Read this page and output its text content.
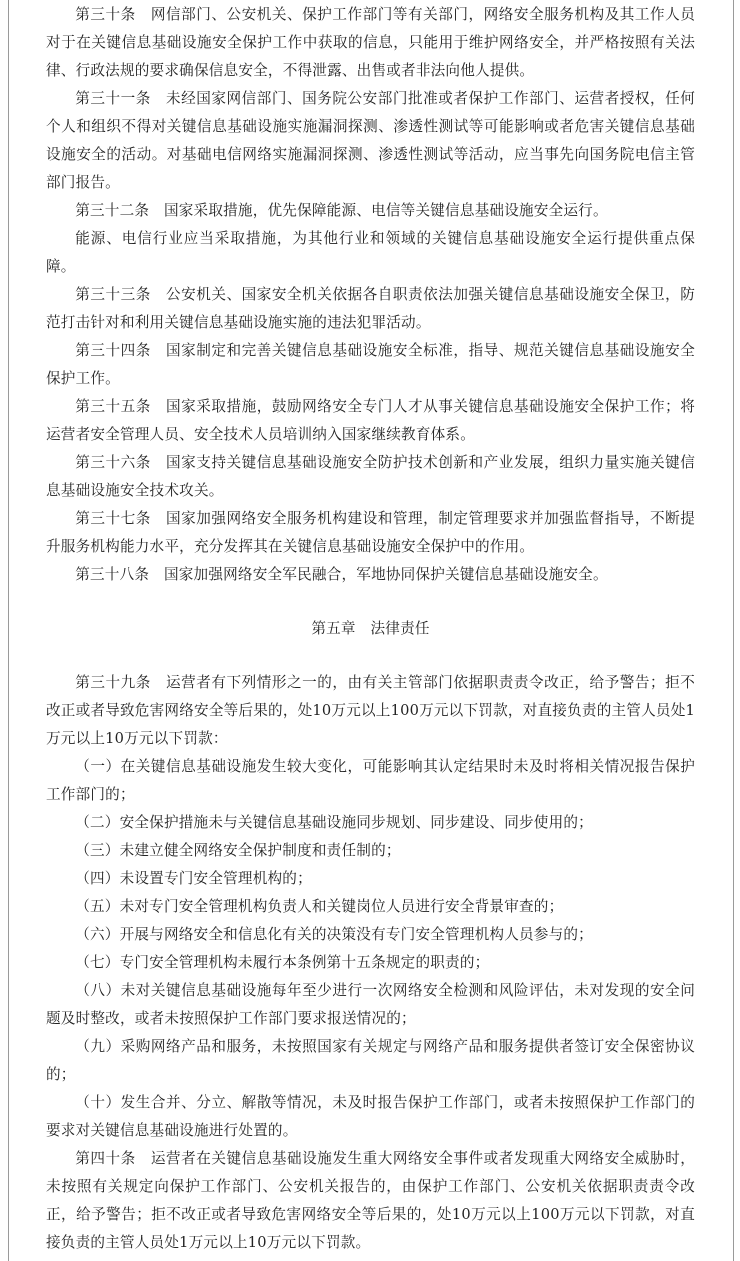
第三十条　网信部门、公安机关、保护工作部门等有关部门，网络安全服务机构及其工作人员对于在关键信息基础设施安全保护工作中获取的信息，只能用于维护网络安全，并严格按照有关法律、行政法规的要求确保信息安全，不得泄露、出售或者非法向他人提供。

第三十一条　未经国家网信部门、国务院公安部门批准或者保护工作部门、运营者授权，任何个人和组织不得对关键信息基础设施实施漏洞探测、渗透性测试等可能影响或者危害关键信息基础设施安全的活动。对基础电信网络实施漏洞探测、渗透性测试等活动，应当事先向国务院电信主管部门报告。

第三十二条　国家采取措施，优先保障能源、电信等关键信息基础设施安全运行。

能源、电信行业应当采取措施，为其他行业和领域的关键信息基础设施安全运行提供重点保障。

第三十三条　公安机关、国家安全机关依据各自职责依法加强关键信息基础设施安全保卫，防范打击针对和利用关键信息基础设施实施的违法犯罪活动。

第三十四条　国家制定和完善关键信息基础设施安全标准，指导、规范关键信息基础设施安全保护工作。

第三十五条　国家采取措施，鼓励网络安全专门人才从事关键信息基础设施安全保护工作；将运营者安全管理人员、安全技术人员培训纳入国家继续教育体系。

第三十六条　国家支持关键信息基础设施安全防护技术创新和产业发展，组织力量实施关键信息基础设施安全技术攻关。

第三十七条　国家加强网络安全服务机构建设和管理，制定管理要求并加强监督指导，不断提升服务机构能力水平，充分发挥其在关键信息基础设施安全保护中的作用。

第三十八条　国家加强网络安全军民融合，军地协同保护关键信息基础设施安全。

第五章　法律责任

第三十九条　运营者有下列情形之一的，由有关主管部门依据职责责令改正，给予警告；拒不改正或者导致危害网络安全等后果的，处10万元以上100万元以下罚款，对直接负责的主管人员处1万元以上10万元以下罚款：

（一）在关键信息基础设施发生较大变化，可能影响其认定结果时未及时将相关情况报告保护工作部门的；

（二）安全保护措施未与关键信息基础设施同步规划、同步建设、同步使用的；

（三）未建立健全网络安全保护制度和责任制的；

（四）未设置专门安全管理机构的；

（五）未对专门安全管理机构负责人和关键岗位人员进行安全背景审查的；

（六）开展与网络安全和信息化有关的决策没有专门安全管理机构人员参与的；

（七）专门安全管理机构未履行本条例第十五条规定的职责的；

（八）未对关键信息基础设施每年至少进行一次网络安全检测和风险评估，未对发现的安全问题及时整改，或者未按照保护工作部门要求报送情况的；

（九）采购网络产品和服务，未按照国家有关规定与网络产品和服务提供者签订安全保密协议的；

（十）发生合并、分立、解散等情况，未及时报告保护工作部门，或者未按照保护工作部门的要求对关键信息基础设施进行处置的。

第四十条　运营者在关键信息基础设施发生重大网络安全事件或者发现重大网络安全威胁时，未按照有关规定向保护工作部门、公安机关报告的，由保护工作部门、公安机关依据职责责令改正，给予警告；拒不改正或者导致危害网络安全等后果的，处10万元以上100万元以下罚款，对直接负责的主管人员处1万元以上10万元以下罚款。
